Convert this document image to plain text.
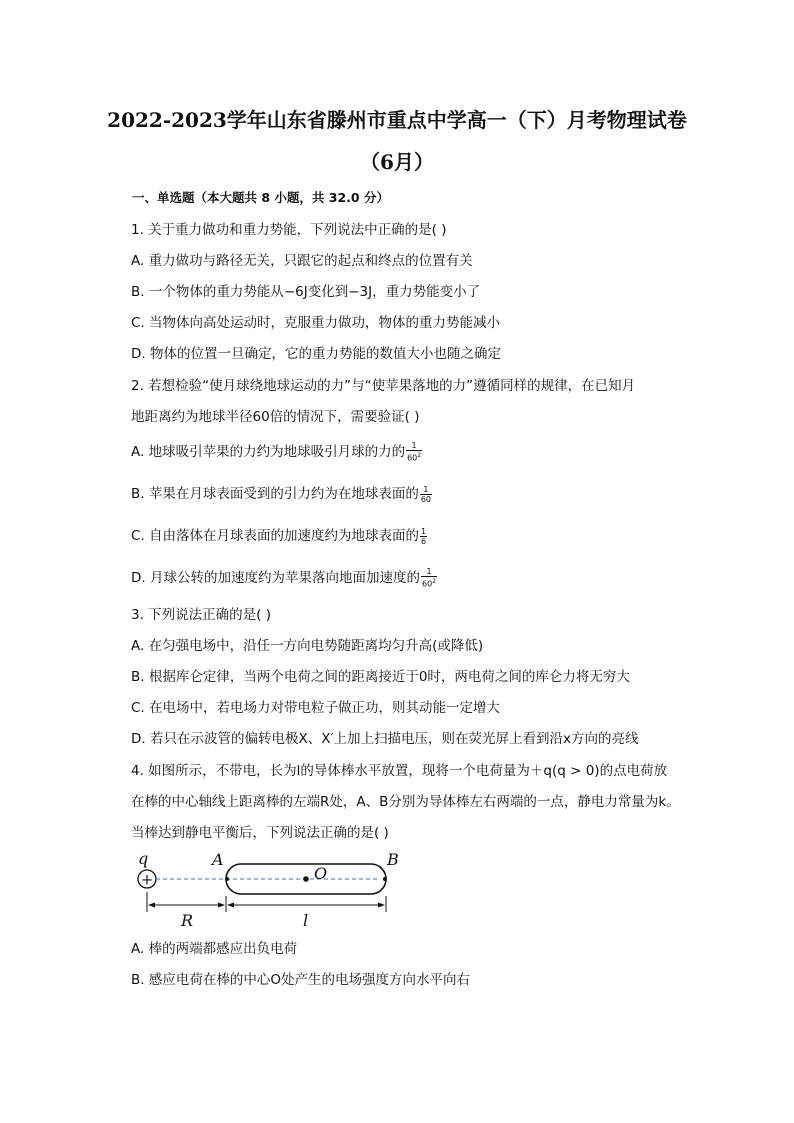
2022-2023学年山东省滕州市重点中学高一（下）月考物理试卷
（6月）
一、单选题（本大题共 8 小题，共 32.0 分）
1. 关于重力做功和重力势能，下列说法中正确的是( )
A. 重力做功与路径无关，只跟它的起点和终点的位置有关
B. 一个物体的重力势能从−6J变化到−3J，重力势能变小了
C. 当物体向高处运动时，克服重力做功，物体的重力势能减小
D. 物体的位置一旦确定，它的重力势能的数值大小也随之确定
2. 若想检验“使月球绕地球运动的力”与“使苹果落地的力”遵循同样的规律，在已知月
地距离约为地球半径60倍的情况下，需要验证( )
A. 地球吸引苹果的力约为地球吸引月球的力的 $\frac{1}{60^2}$
B. 苹果在月球表面受到的引力约为在地球表面的 $\frac{1}{60}$
C. 自由落体在月球表面的加速度约为地球表面的 $\frac{1}{6}$
D. 月球公转的加速度约为苹果落向地面加速度的 $\frac{1}{60^2}$
3. 下列说法正确的是( )
A. 在匀强电场中，沿任一方向电势随距离均匀升高(或降低)
B. 根据库仑定律，当两个电荷之间的距离接近于0时，两电荷之间的库仑力将无穷大
C. 在电场中，若电场力对带电粒子做正功，则其动能一定增大
D. 若只在示波管的偏转电极X、X′上加上扫描电压，则在荧光屏上看到沿x方向的亮线
4. 如图所示，不带电，长为l的导体棒水平放置，现将一个电荷量为＋q(q > 0)的点电荷放
在棒的中心轴线上距离棒的左端R处，A、B分别为导体棒左右两端的一点，静电力常量为k。
当棒达到静电平衡后，下列说法正确的是( )
q
+
A	B
O
R	l
A. 棒的两端都感应出负电荷
B. 感应电荷在棒的中心O处产生的电场强度方向水平向右
